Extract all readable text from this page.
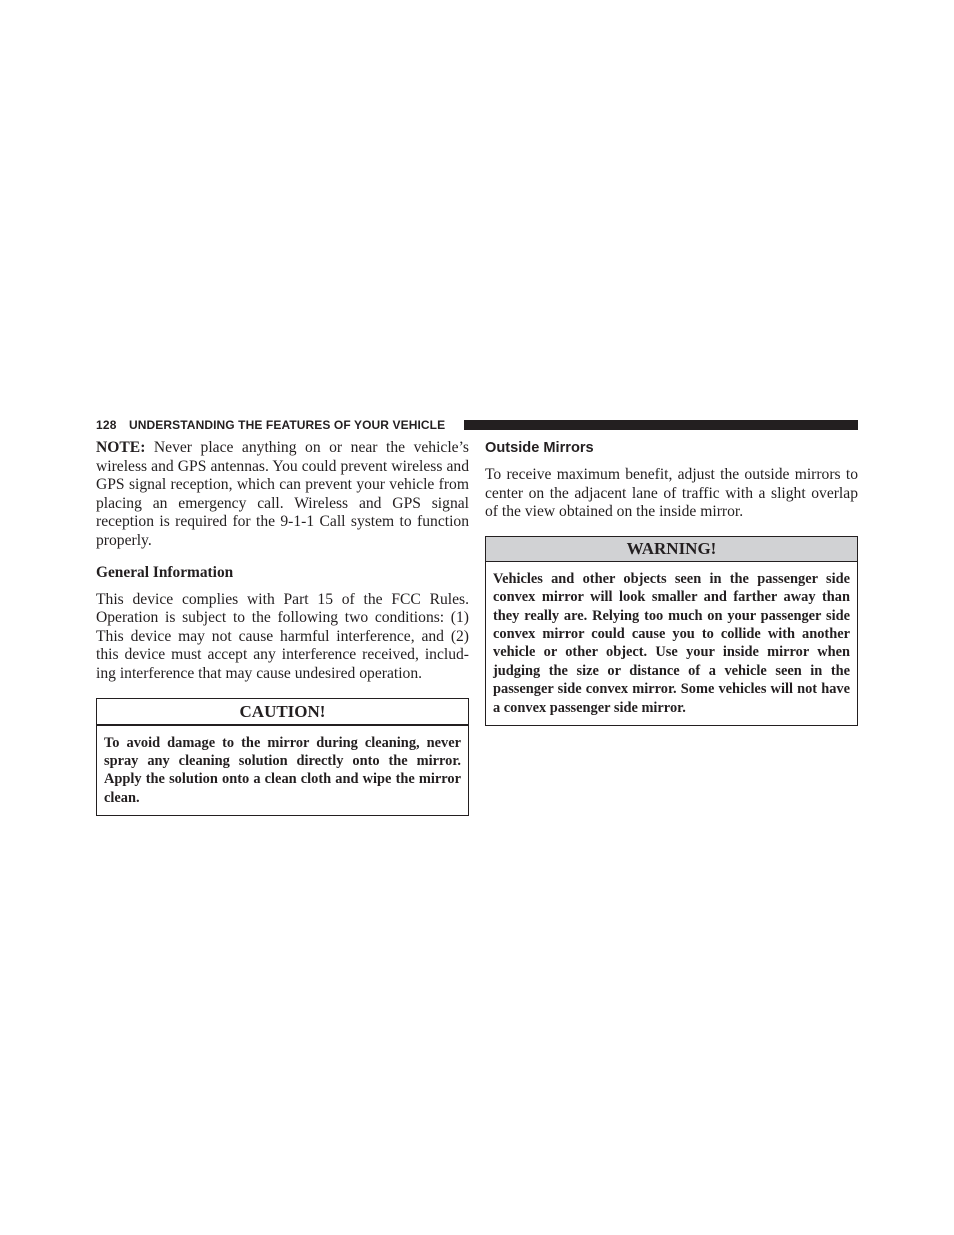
128 UNDERSTANDING THE FEATURES OF YOUR VEHICLE

NOTE: Never place anything on or near the vehicle’s wireless and GPS antennas. You could prevent wireless and GPS signal reception, which can prevent your vehicle from placing an emergency call. Wireless and GPS signal reception is required for the 9-1-1 Call system to function properly.

General Information

This device complies with Part 15 of the FCC Rules. Operation is subject to the following two conditions: (1) This device may not cause harmful interference, and (2) this device must accept any interference received, includ-ing interference that may cause undesired operation.

CAUTION!

To avoid damage to the mirror during cleaning, never spray any cleaning solution directly onto the mirror. Apply the solution onto a clean cloth and wipe the mirror clean.

Outside Mirrors

To receive maximum benefit, adjust the outside mirrors to center on the adjacent lane of traffic with a slight overlap of the view obtained on the inside mirror.

WARNING!

Vehicles and other objects seen in the passenger side convex mirror will look smaller and farther away than they really are. Relying too much on your passenger side convex mirror could cause you to collide with another vehicle or other object. Use your inside mirror when judging the size or distance of a vehicle seen in the passenger side convex mirror. Some vehicles will not have a convex passenger side mirror.
